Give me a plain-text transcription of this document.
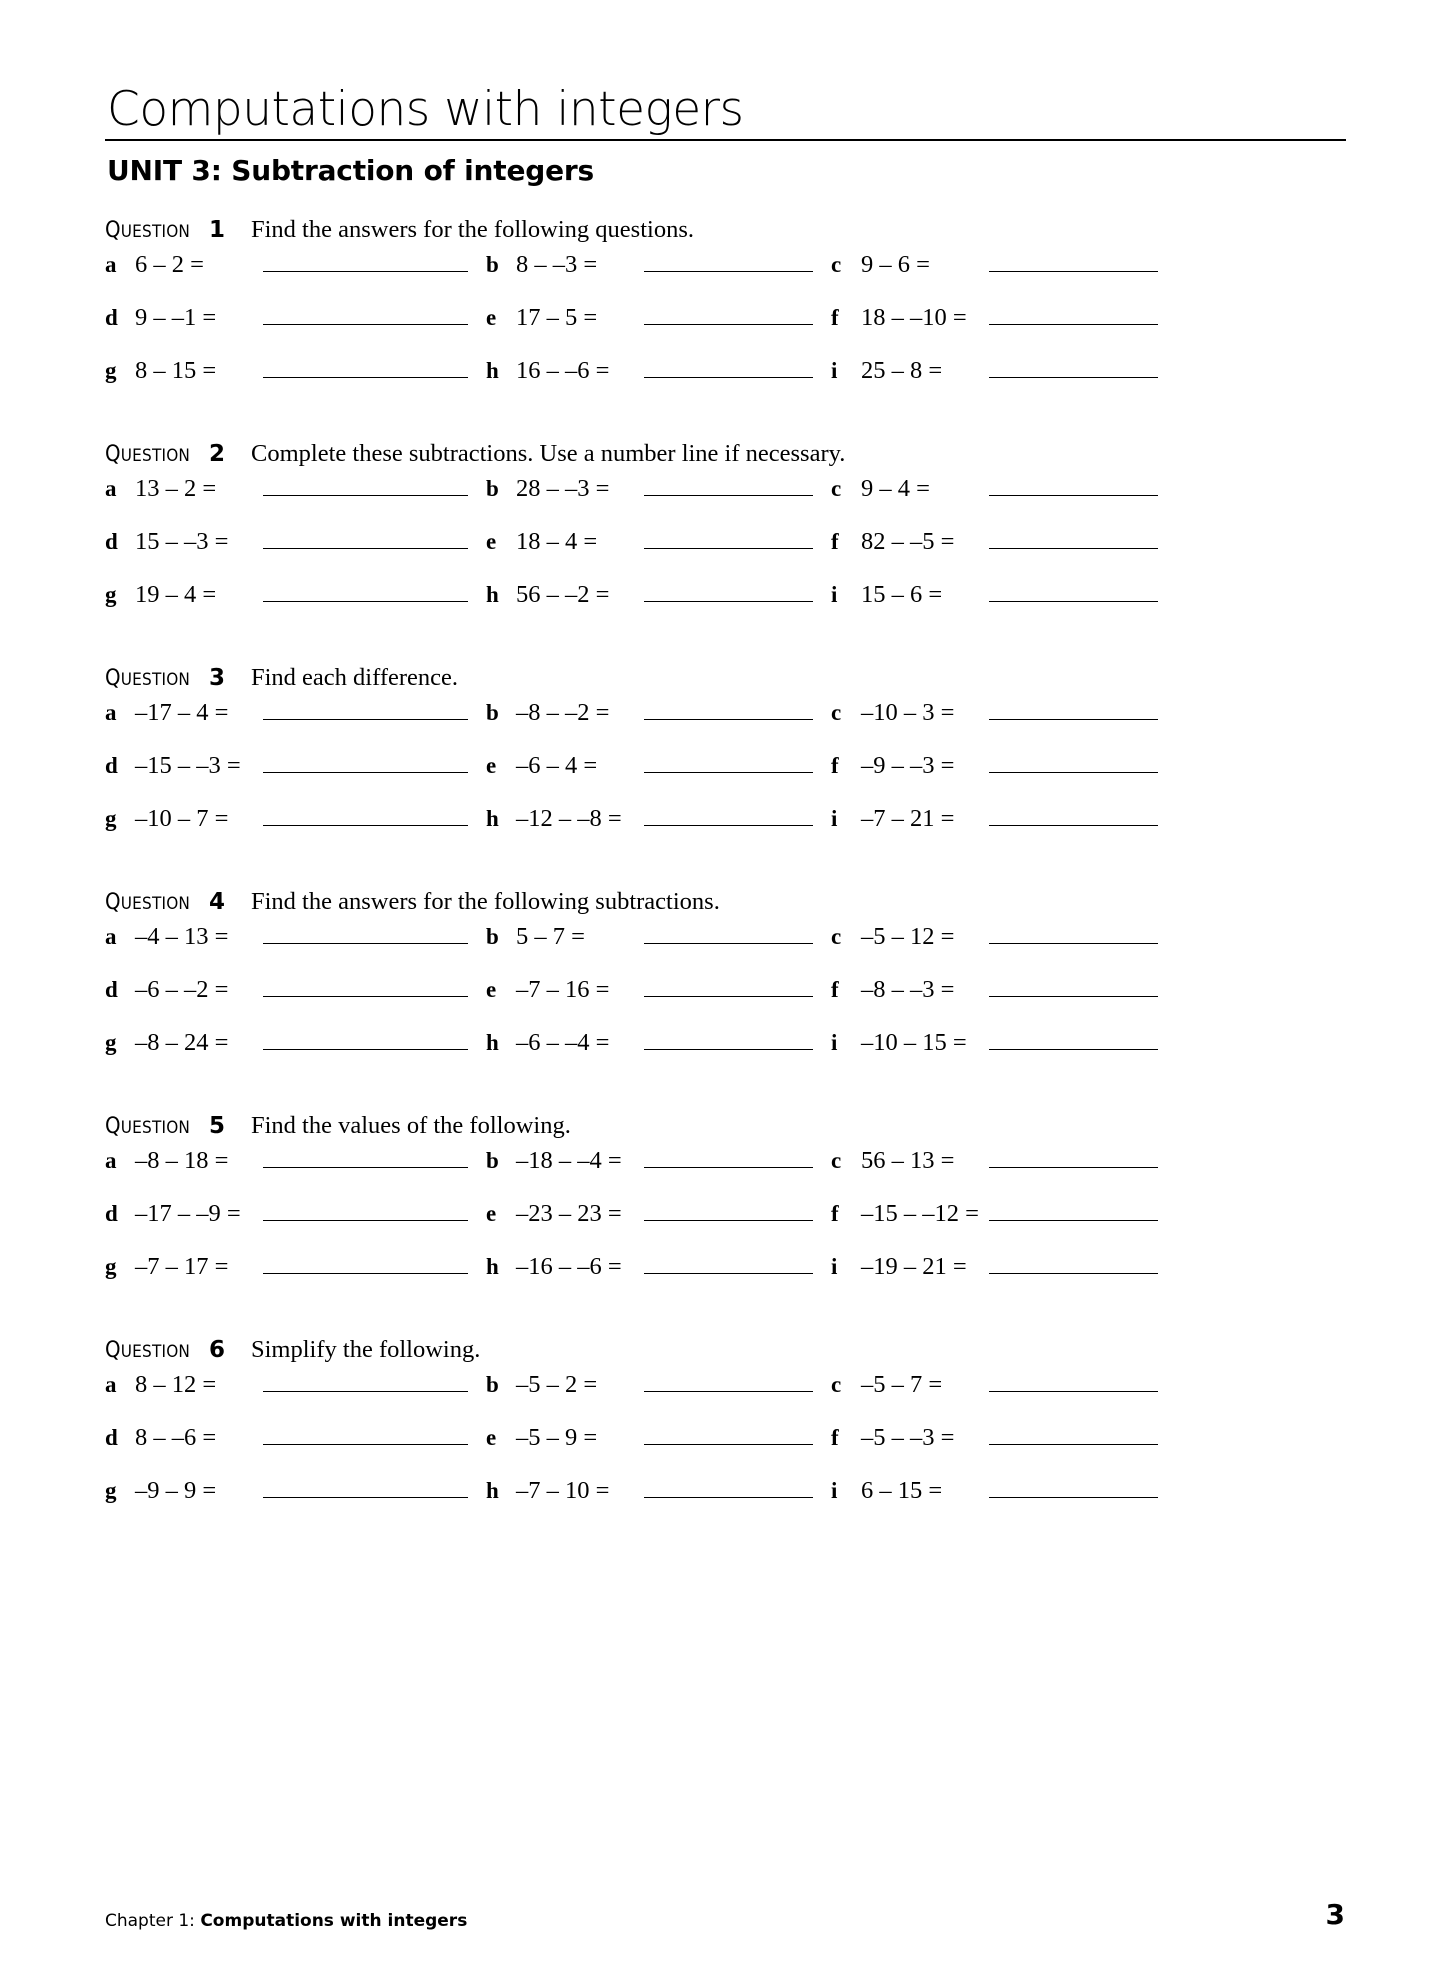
Computations with integers
UNIT 3: Subtraction of integers
QUESTION 1	Find the answers for the following questions.
a 6 – 2 =	b 8 – –3 =	c 9 – 6 =
d 9 – –1 =	e 17 – 5 =	f 18 – –10 =
g 8 – 15 =	h 16 – –6 =	i 25 – 8 =
QUESTION 2	Complete these subtractions. Use a number line if necessary.
a 13 – 2 =	b 28 – –3 =	c 9 – 4 =
d 15 – –3 =	e 18 – 4 =	f 82 – –5 =
g 19 – 4 =	h 56 – –2 =	i 15 – 6 =
QUESTION 3	Find each difference.
a –17 – 4 =	b –8 – –2 =	c –10 – 3 =
d –15 – –3 =	e –6 – 4 =	f –9 – –3 =
g –10 – 7 =	h –12 – –8 =	i –7 – 21 =
QUESTION 4	Find the answers for the following subtractions.
a –4 – 13 =	b 5 – 7 =	c –5 – 12 =
d –6 – –2 =	e –7 – 16 =	f –8 – –3 =
g –8 – 24 =	h –6 – –4 =	i –10 – 15 =
QUESTION 5	Find the values of the following.
a –8 – 18 =	b –18 – –4 =	c 56 – 13 =
d –17 – –9 =	e –23 – 23 =	f –15 – –12 =
g –7 – 17 =	h –16 – –6 =	i –19 – 21 =
QUESTION 6	Simplify the following.
a 8 – 12 =	b –5 – 2 =	c –5 – 7 =
d 8 – –6 =	e –5 – 9 =	f –5 – –3 =
g –9 – 9 =	h –7 – 10 =	i 6 – 15 =
Chapter 1: Computations with integers	3
